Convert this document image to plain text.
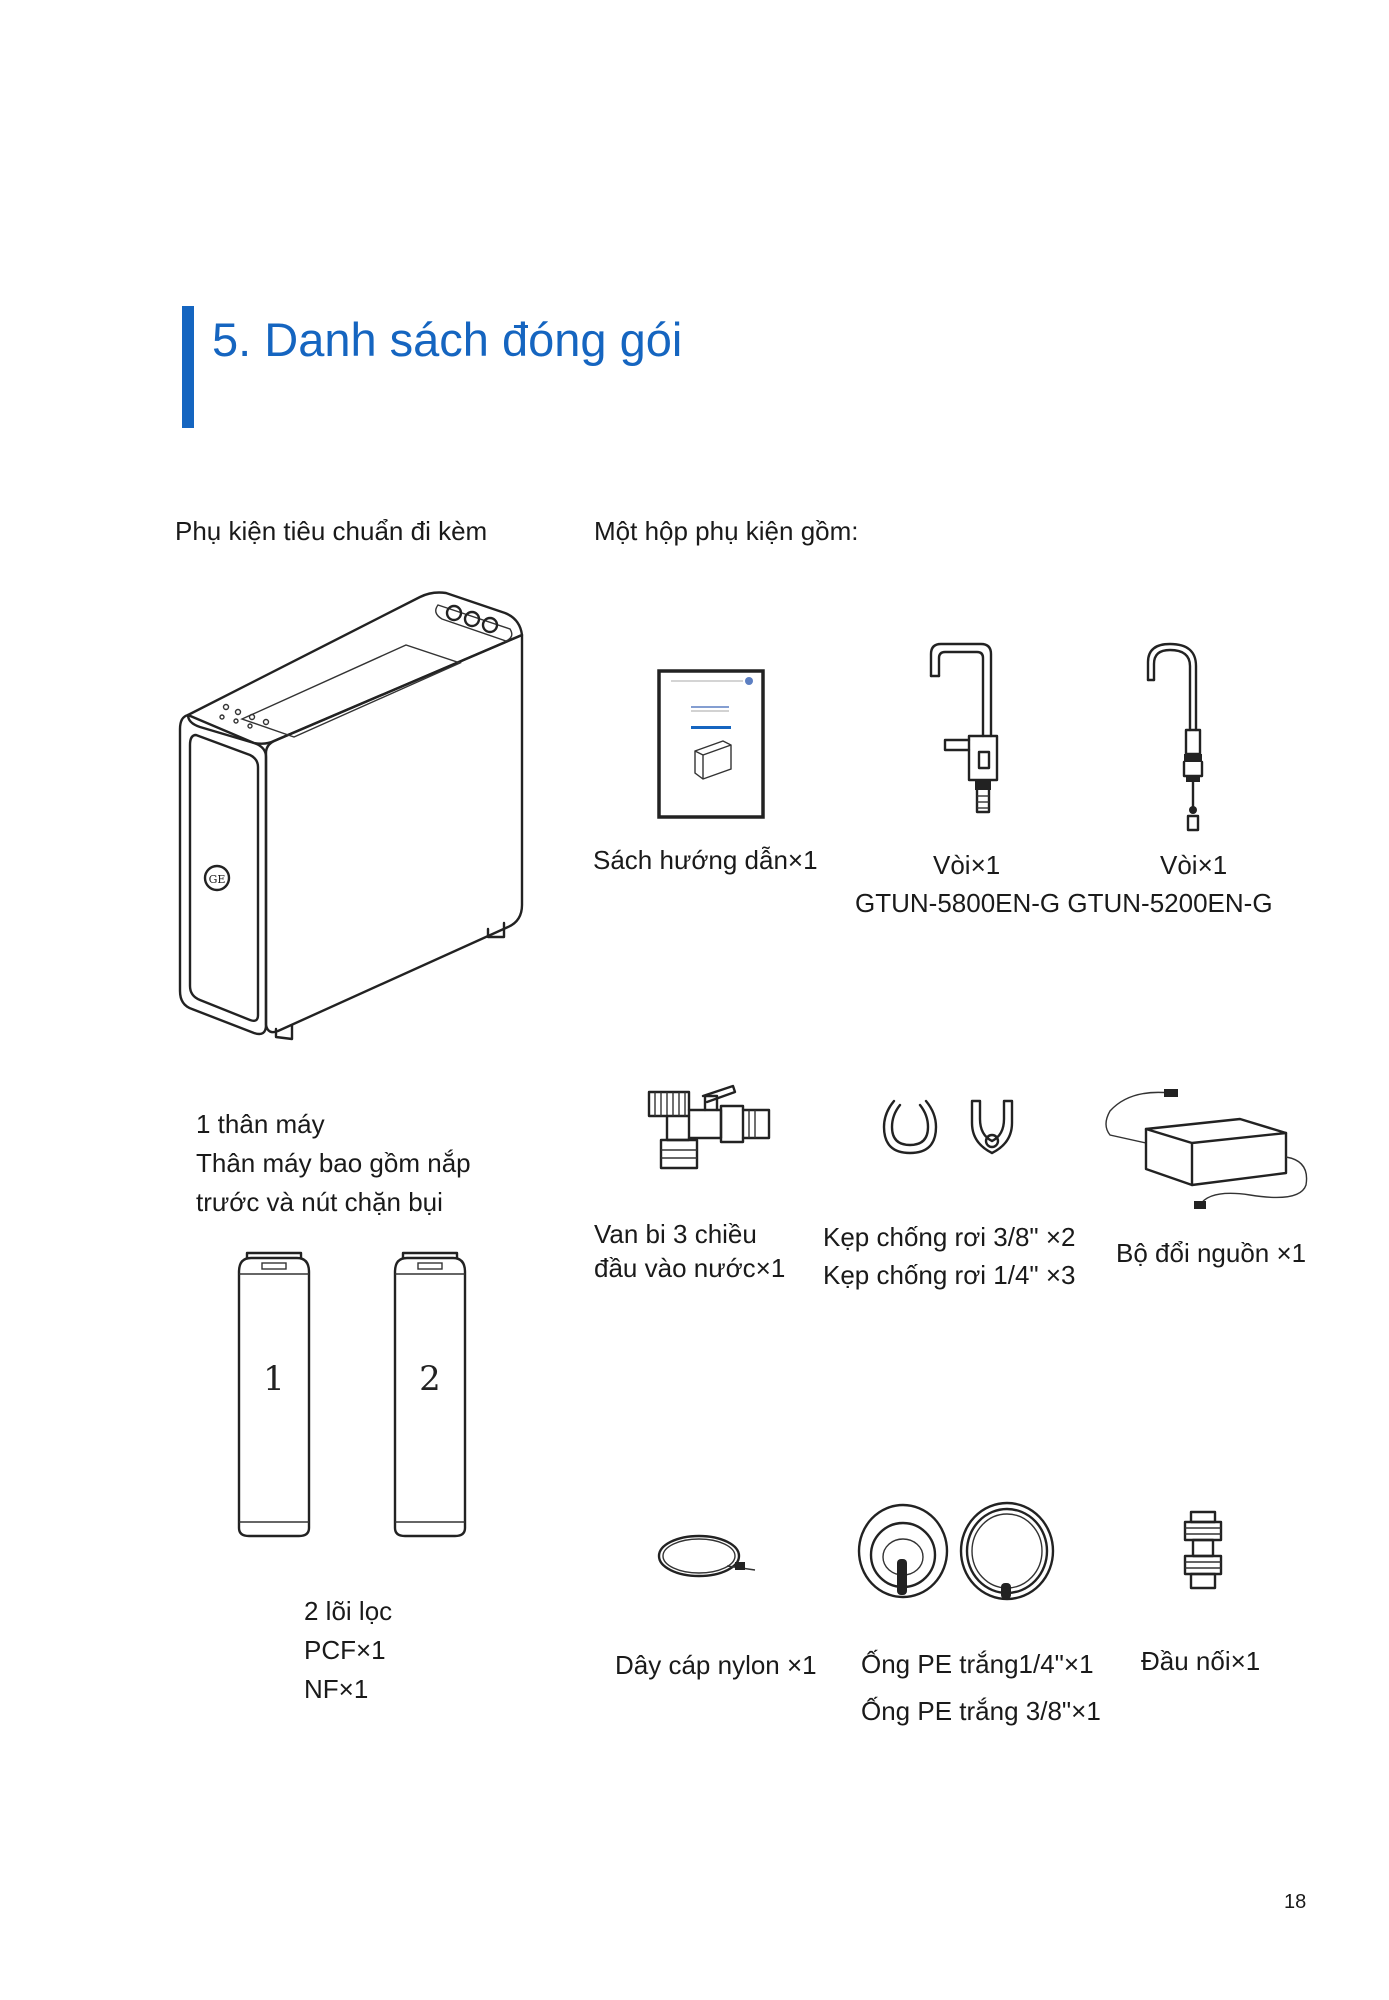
5. Danh sách đóng gói
Phụ kiện tiêu chuẩn đi kèm	Một hộp phụ kiện gồm:
GE
1 thân máy
Thân máy bao gồm nắp
trước và nút chặn bụi
1	2
2 lõi lọc
PCF×1
NF×1
Sách hướng dẫn×1	Vòi×1	Vòi×1
GTUN-5800EN-G GTUN-5200EN-G
Van bi 3 chiều
đầu vào nước×1
Kẹp chống rơi 3/8" ×2
Kẹp chống rơi 1/4" ×3
Bộ đổi nguồn ×1
Dây cáp nylon ×1 Ống PE trắng1/4"×1
Ống PE trắng 3/8"×1
Đầu nối×1
18
